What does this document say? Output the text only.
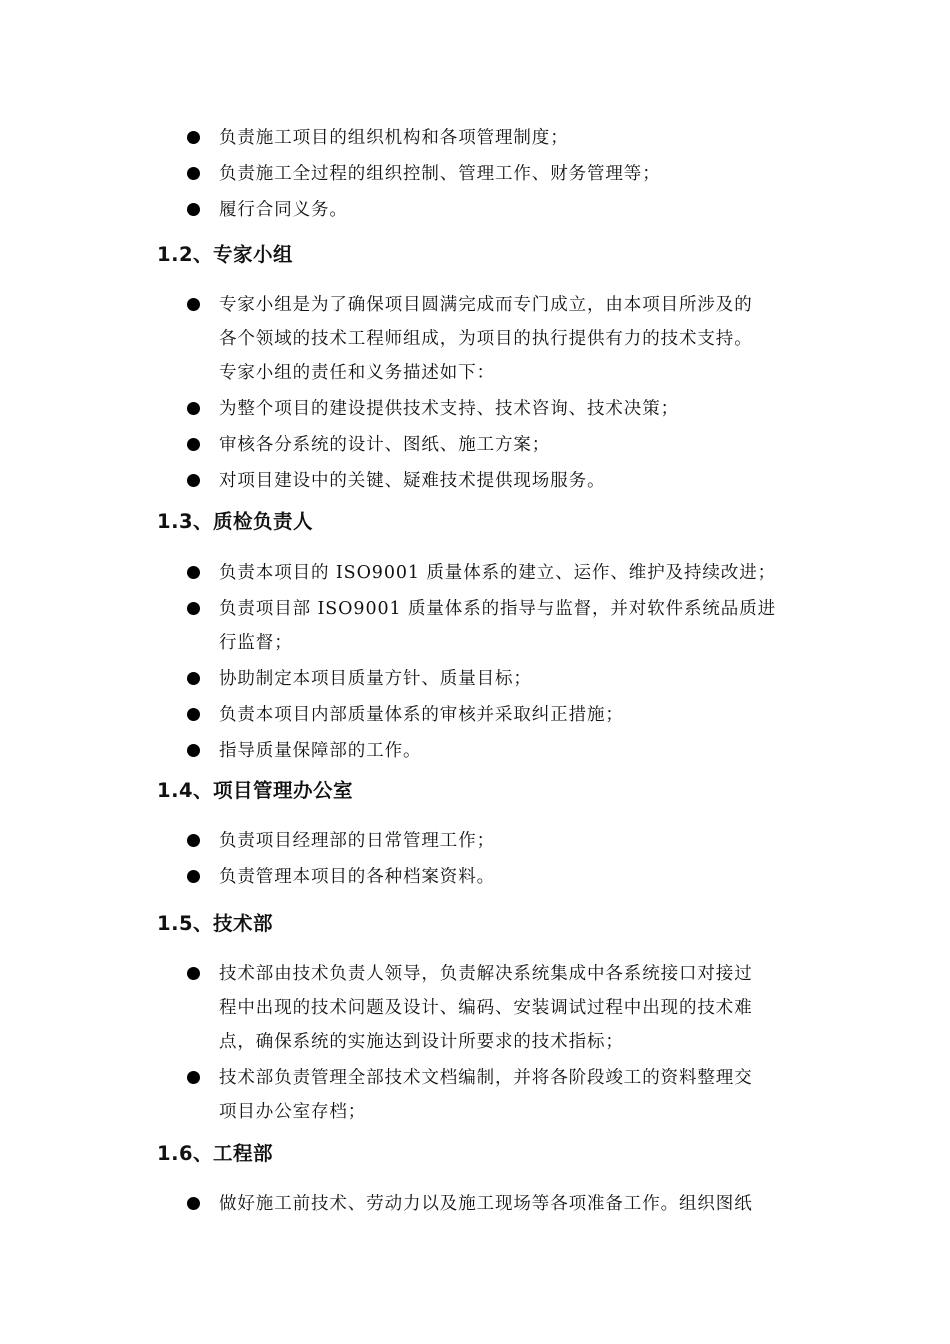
负责施工项目的组织机构和各项管理制度；
负责施工全过程的组织控制、管理工作、财务管理等；
履行合同义务。
1.2、专家小组
专家小组是为了确保项目圆满完成而专门成立，由本项目所涉及的
各个领域的技术工程师组成，为项目的执行提供有力的技术支持。
专家小组的责任和义务描述如下：
为整个项目的建设提供技术支持、技术咨询、技术决策；
审核各分系统的设计、图纸、施工方案；
对项目建设中的关键、疑难技术提供现场服务。
1.3、质检负责人
负责本项目的 ISO9001 质量体系的建立、运作、维护及持续改进；
负责项目部 ISO9001 质量体系的指导与监督，并对软件系统品质进
行监督；
协助制定本项目质量方针、质量目标；
负责本项目内部质量体系的审核并采取纠正措施；
指导质量保障部的工作。
1.4、项目管理办公室
负责项目经理部的日常管理工作；
负责管理本项目的各种档案资料。
1.5、技术部
技术部由技术负责人领导，负责解决系统集成中各系统接口对接过
程中出现的技术问题及设计、编码、安装调试过程中出现的技术难
点，确保系统的实施达到设计所要求的技术指标；
技术部负责管理全部技术文档编制，并将各阶段竣工的资料整理交
项目办公室存档；
1.6、工程部
做好施工前技术、劳动力以及施工现场等各项准备工作。组织图纸
